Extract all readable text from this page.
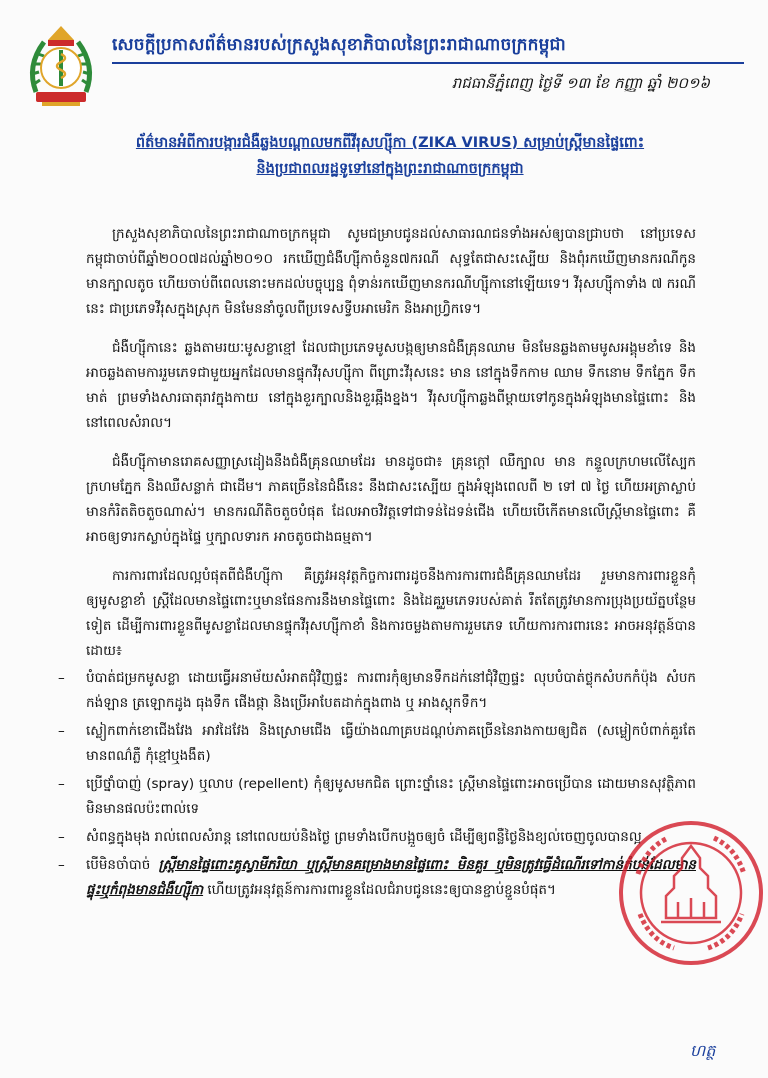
សេចក្តីប្រកាសព័ត៌មានរបស់ក្រសួងសុខាភិបាលនៃព្រះរាជាណាចក្រកម្ពុជា
រាជធានីភ្នំពេញ ថ្ងៃទី ១៣ ខែ កញ្ញា ឆ្នាំ ២០១៦
ព័ត៌មានអំពីការបង្ការជំងឺឆ្លងបណ្តាលមកពីវីរុសហ្ស៊ីកា (ZIKA VIRUS) សម្រាប់ស្រ្តីមានផ្ទៃពោះ
និងប្រជាពលរដ្ឋទូទៅនៅក្នុងព្រះរាជាណាចក្រកម្ពុជា

ក្រសួងសុខាភិបាលនៃព្រះរាជាណាចក្រកម្ពុជា សូមជម្រាបជូនដល់សាធារណជនទាំងអស់ឲ្យបានជ្រាបថា នៅប្រទេសកម្ពុជាចាប់ពីឆ្នាំ២០០៧ដល់ឆ្នាំ២០១០ រកឃើញជំងឺហ្ស៊ីកាចំនួន៧ករណី សុទ្ធតែជាសះស្បើយ និងពុំរកឃើញមានករណីកូនមានក្បាលតូច ហើយចាប់ពីពេលនោះមកដល់បច្ចុប្បន្ន ពុំទាន់រកឃើញមានករណីហ្ស៊ីកានៅឡើយទេ។ វីរុសហ្ស៊ីកាទាំង ៧ ករណីនេះ ជាប្រភេទវីរុសក្នុងស្រុក មិនមែននាំចូលពីប្រទេសទ្វីបអាមេរិក និងអាហ្វ្រិកទេ។

ជំងឺហ្ស៊ីកានេះ ឆ្លងតាមរយៈមូសខ្លាខ្មៅ ដែលជាប្រភេទមូសបង្កឲ្យមានជំងឺគ្រុនឈាម មិនមែនឆ្លងតាមមូសអង្គុមខាំទេ និងអាចឆ្លងតាមការរួមភេទជាមួយអ្នកដែលមានផ្ទុកវីរុសហ្ស៊ីកា ពីព្រោះវីរុសនេះ មាន នៅក្នុងទឹកកាម ឈាម ទឹកនោម ទឹកភ្នែក ទឹកមាត់ ព្រមទាំងសារធាតុរាវក្នុងកាយ នៅក្នុងខួរក្បាលនិងខួរឆ្អឹងខ្នង។ វីរុសហ្ស៊ីកាឆ្លងពីម្តាយទៅកូនក្នុងអំឡុងមានផ្ទៃពោះ និងនៅពេលសំរាល។

ជំងឺហ្ស៊ីកាមានរោគសញ្ញាស្រដៀងនឹងជំងឺគ្រុនឈាមដែរ មានដូចជា៖ គ្រុនក្តៅ ឈឺក្បាល មាន កន្ទួលក្រហមលើស្បែក ក្រហមភ្នែក និងឈឺសន្លាក់ ជាដើម។ ភាគច្រើននៃជំងឺនេះ នឹងជាសះស្បើយ ក្នុងអំឡុងពេលពី ២ ទៅ ៧ ថ្ងៃ ហើយអត្រាស្លាប់មានកំរិតតិចតួចណាស់។ មានករណីតិចតួចបំផុត ដែលអាចវិវត្តទៅជាទន់ដៃទន់ជើង ហើយបើកើតមានលើស្រ្តីមានផ្ទៃពោះ គឺអាចឲ្យទារកស្លាប់ក្នុងផ្ទៃ ឬក្បាលទារក អាចតូចជាងធម្មតា។

ការការពារដែលល្អបំផុតពីជំងឺហ្ស៊ីកា គឺត្រូវអនុវត្តកិច្ចការពារដូចនឹងការការពារជំងឺគ្រុនឈាមដែរ រួមមានការពារខ្លួនកុំឲ្យមូសខ្លាខាំ ស្រ្តីដែលមានផ្ទៃពោះឬមានផែនការនឹងមានផ្ទៃពោះ និងដៃគូរួមភេទរបស់គាត់ រឹតតែត្រូវមានការប្រុងប្រយ័ត្នបន្ថែមទៀត ដើម្បីការពារខ្លួនពីមូសខ្លាដែលមានផ្ទុកវីរុសហ្ស៊ីកាខាំ និងការចម្លងតាមការរួមភេទ ហើយការការពារនេះ អាចអនុវត្តន៍បាន ដោយ៖

– បំបាត់ជម្រកមូសខ្លា ដោយធ្វើអនាម័យសំអាតជុំវិញផ្ទះ ការពារកុំឲ្យមានទឹកដក់នៅជុំវិញផ្ទះ លុបបំបាត់ថ្លុកសំបកកំប៉ុង សំបកកង់ឡាន ត្រឡោកដូង ធុងទឹក ផើងផ្កា និងប្រើអាបែតដាក់ក្នុងពាង ឬ អាងស្តុកទឹក។
– ស្លៀកពាក់ខោជើងវែង អាវដៃវែង និងស្រោមជើង ធ្វើយ៉ាងណាគ្របដណ្តប់ភាគច្រើននៃរាងកាយឲ្យជិត (សម្លៀកបំពាក់គួរតែមានពណ៌ភ្លឺ កុំខ្មៅឬងងឹត)
– ប្រើថ្នាំបាញ់ (spray) ឬលាប (repellent) កុំឲ្យមូសមកជិត ព្រោះថ្នាំនេះ ស្រ្តីមានផ្ទៃពោះអាចប្រើបាន ដោយមានសុវត្ថិភាព មិនមានផលប៉ះពាល់ទេ
– សំពន្ធក្នុងមុង រាល់ពេលសំរាន្ត នៅពេលយប់និងថ្ងៃ ព្រមទាំងបើកបង្អួចឲ្យចំ ដើម្បីឲ្យពន្លឺថ្ងៃនិងខ្យល់ចេញចូលបានល្អ
– បើមិនចាំបាច់ ស្រ្តីមានផ្ទៃពោះគូស្វាមីភរិយា ឬស្រ្តីមានគម្រោងមានផ្ទៃពោះ មិនគួរ ឬមិនត្រូវធ្វើដំណើរទៅកាន់តំបន់ដែលមានផ្ទុះឬកំពុងមានជំងឺហ្ស៊ីកា ហើយត្រូវអនុវត្តន៍ការការពារខ្លួនដែលជំរាបជូននេះឲ្យបានខ្ជាប់ខ្ជួនបំផុត។
ហត្ថ
